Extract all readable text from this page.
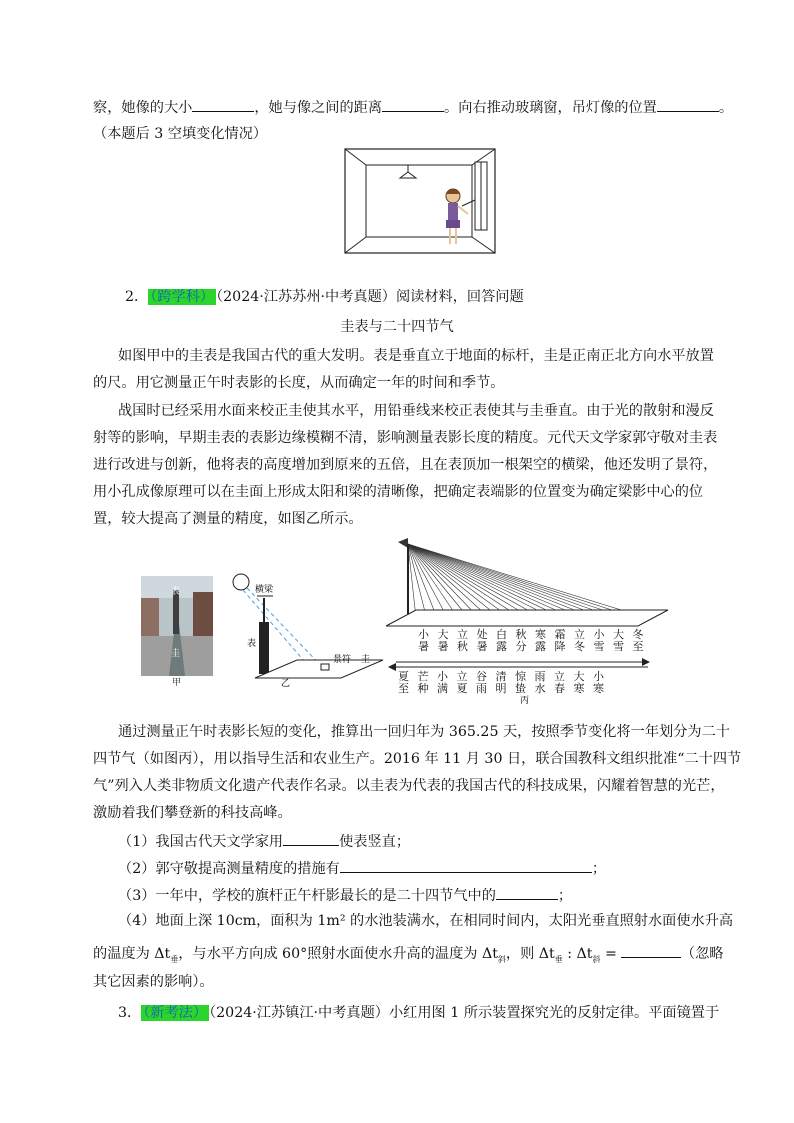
察，她像的大小	，她与像之间的距离	。向右推动玻璃窗，吊灯像的位置	。
（本题后 3 空填变化情况）
2． （跨学科） （2024·江苏苏州·中考真题）阅读材料，回答问题
圭表与二十四节气
如图甲中的圭表是我国古代的重大发明。表是垂直立于地面的标杆，圭是正南正北方向水平放置
的尺。用它测量正午时表影的长度，从而确定一年的时间和季节。
战国时已经采用水面来校正圭使其水平，用铅垂线来校正表使其与圭垂直。由于光的散射和漫反
射等的影响，早期圭表的表影边缘模糊不清，影响测量表影长度的精度。元代天文学家郭守敬对圭表
进行改进与创新，他将表的高度增加到原来的五倍，且在表顶加一根架空的横梁，他还发明了景符，
用小孔成像原理可以在圭面上形成太阳和梁的清晰像，把确定表端影的位置变为确定梁影中心的位
置，较大提高了测量的精度，如图乙所示。
表
圭
甲
横梁
表
景符 圭
乙
小
暑
大
暑
立
秋
处
暑
白
露
秋
分
寒
露
霜
降
立
冬
小
雪
大
雪
冬
至
夏
至
芒
种
小
满
立
夏
谷
雨
清
明
惊
蛰
雨
水
立
春
大
寒
小
寒
丙
通过测量正午时表影长短的变化，推算出一回归年为 365.25 天，按照季节变化将一年划分为二十
四节气（如图丙），用以指导生活和农业生产。2016 年 11 月 30 日，联合国教科文组织批准“二十四节
气”列入人类非物质文化遗产代表作名录。以圭表为代表的我国古代的科技成果，闪耀着智慧的光芒，
激励着我们攀登新的科技高峰。
（1）我国古代天文学家用	使表竖直；
（2）郭守敬提高测量精度的措施有	；
（3）一年中，学校的旗杆正午杆影最长的是二十四节气中的	；
（4）地面上深 10cm，面积为 1m² 的水池装满水，在相同时间内，太阳光垂直照射水面使水升高
的温度为 $\Delta t_垂$，与水平方向成 60°照射水面使水升高的温度为 $\Delta t_斜$，则 $\Delta t_垂$ : $\Delta t_斜$ =	（忽略
其它因素的影响）。
3． （新考法） （2024·江苏镇江·中考真题）小红用图 1 所示装置探究光的反射定律。平面镜置于
